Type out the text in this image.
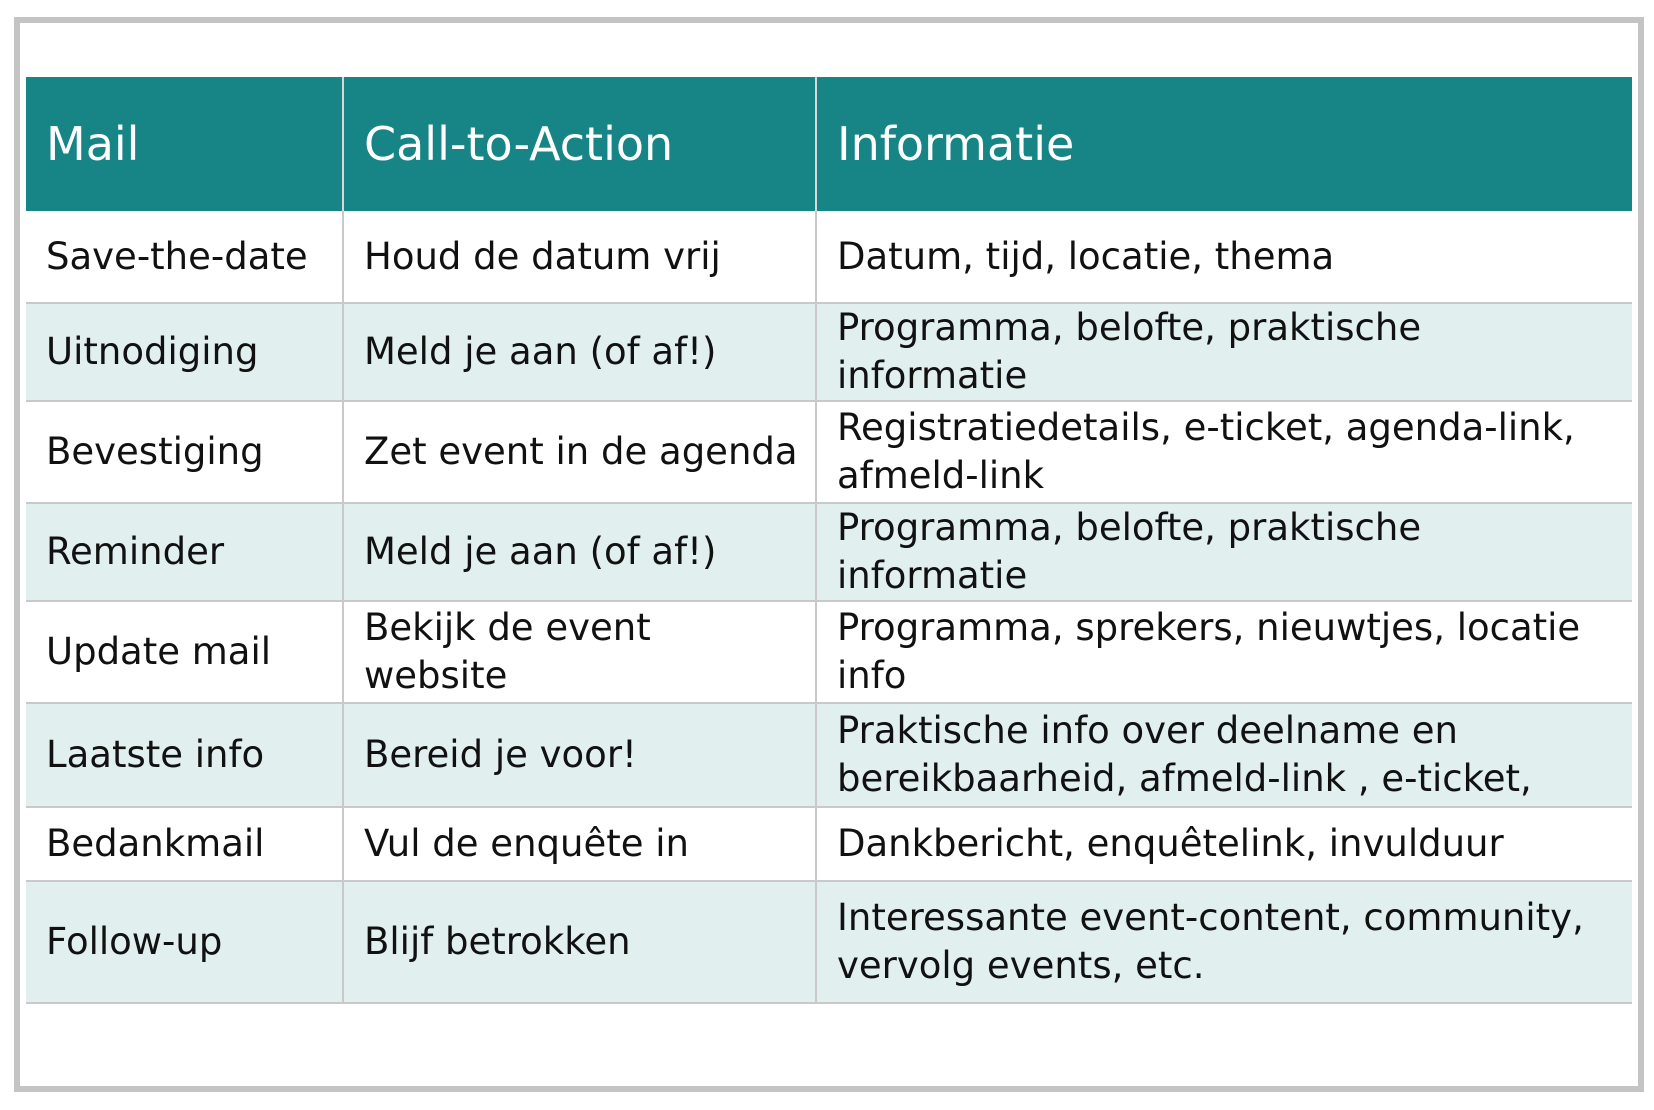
Mail	Call-to-Action	Informatie
Save-the-date	Houd de datum vrij	Datum, tijd, locatie, thema
Uitnodiging	Meld je aan (of af!)	Programma, belofte, praktische informatie
Bevestiging	Zet event in de agenda	Registratiedetails, e-ticket, agenda-link, afmeld-link
Reminder	Meld je aan (of af!)	Programma, belofte, praktische informatie
Update mail	Bekijk de event website	Programma, sprekers, nieuwtjes, locatie info
Laatste info	Bereid je voor!	Praktische info over deelname en bereikbaarheid, afmeld-link , e-ticket,
Bedankmail	Vul de enquête in	Dankbericht, enquêtelink, invulduur
Follow-up	Blijf betrokken	Interessante event-content, community, vervolg events, etc.
